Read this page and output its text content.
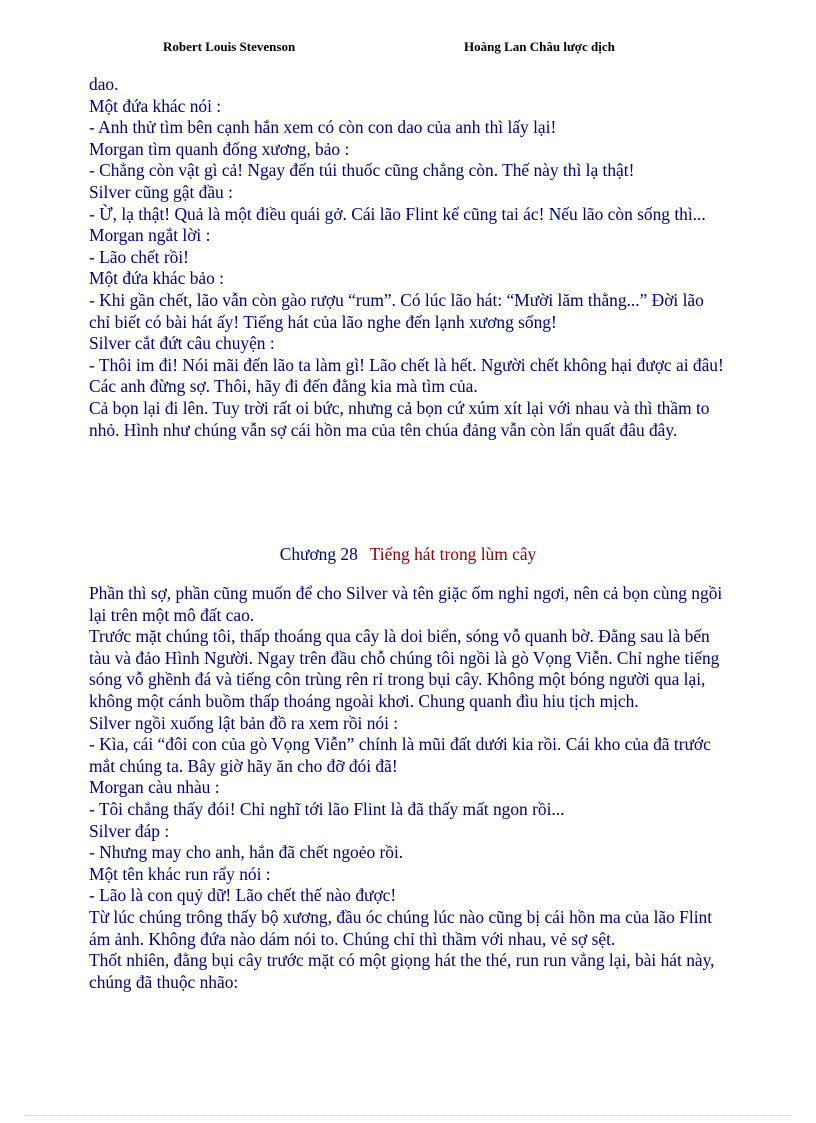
Robert Louis Stevenson	Hoàng Lan Châu lược dịch

dao.

Một đứa khác nói :

- Anh thử tìm bên cạnh hắn xem có còn con dao của anh thì lấy lại!

Morgan tìm quanh đống xương, bảo :

- Chẳng còn vật gì cả! Ngay đến túi thuốc cũng chẳng còn. Thế này thì lạ thật!

Silver cũng gật đầu :

- Ừ, lạ thật! Quả là một điều quái gở. Cái lão Flint kể cũng tai ác! Nếu lão còn sống thì...

Morgan ngắt lời :

- Lão chết rồi!

Một đứa khác bảo :

- Khi gần chết, lão vẫn còn gào rượu “rum”. Có lúc lão hát: “Mười lăm thằng...” Đời lão chỉ biết có bài hát ấy! Tiếng hát của lão nghe đến lạnh xương sống!

Silver cắt đứt câu chuyện :

- Thôi im đi! Nói mãi đến lão ta làm gì! Lão chết là hết. Người chết không hại được ai đâu! Các anh đừng sợ. Thôi, hãy đi đến đằng kia mà tìm của.

Cả bọn lại đi lên. Tuy trời rất oi bức, nhưng cả bọn cứ xúm xít lại với nhau và thì thầm to nhỏ. Hình như chúng vẫn sợ cái hồn ma của tên chúa đảng vẫn còn lẩn quất đâu đây.

Chương 28 Tiếng hát trong lùm cây

Phần thì sợ, phần cũng muốn để cho Silver và tên giặc ốm nghỉ ngơi, nên cả bọn cùng ngồi lại trên một mô đất cao.

Trước mặt chúng tôi, thấp thoáng qua cây là doi biển, sóng vỗ quanh bờ. Đằng sau là bến tàu và đảo Hình Người. Ngay trên đầu chỗ chúng tôi ngồi là gò Vọng Viễn. Chỉ nghe tiếng sóng vỗ ghềnh đá và tiếng côn trùng rên rỉ trong bụi cây. Không một bóng người qua lại, không một cánh buồm thấp thoáng ngoài khơi. Chung quanh đìu hiu tịch mịch.

Silver ngồi xuống lật bản đồ ra xem rồi nói :

- Kìa, cái “đôi con của gò Vọng Viễn” chính là mũi đất dưới kia rồi. Cái kho của đã trước mắt chúng ta. Bây giờ hãy ăn cho đỡ đói đã!

Morgan càu nhàu :

- Tôi chẳng thấy đói! Chỉ nghĩ tới lão Flint là đã thấy mất ngon rồi...

Silver đáp :

- Nhưng may cho anh, hắn đã chết ngoẻo rồi.

Một tên khác run rẩy nói :

- Lão là con quỷ dữ! Lão chết thế nào được!

Từ lúc chúng trông thấy bộ xương, đầu óc chúng lúc nào cũng bị cái hồn ma của lão Flint ám ảnh. Không đứa nào dám nói to. Chúng chỉ thì thầm với nhau, vẻ sợ sệt.

Thốt nhiên, đằng bụi cây trước mặt có một giọng hát the thé, run run vẳng lại, bài hát này, chúng đã thuộc nhão:
